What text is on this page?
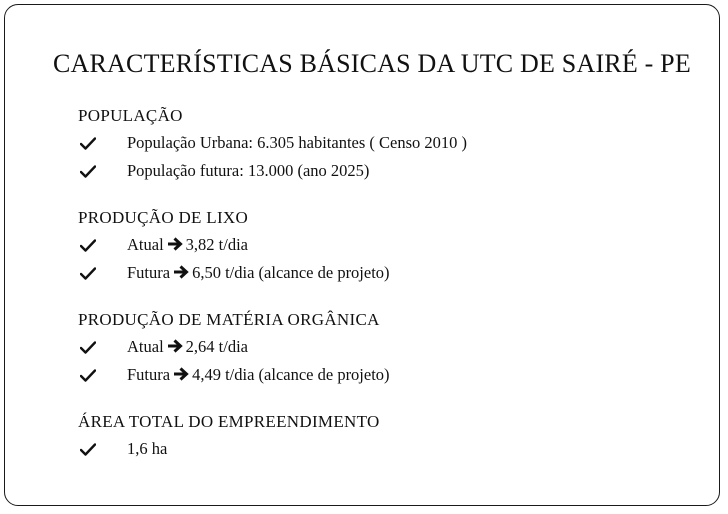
CARACTERÍSTICAS BÁSICAS DA UTC DE SAIRÉ - PE
POPULAÇÃO
População Urbana: 6.305 habitantes ( Censo 2010 )
População futura: 13.000 (ano 2025)
PRODUÇÃO DE LIXO
Atual 3,82 t/dia
Futura 6,50 t/dia (alcance de projeto)
PRODUÇÃO DE MATÉRIA ORGÂNICA
Atual 2,64 t/dia
Futura 4,49 t/dia (alcance de projeto)
ÁREA TOTAL DO EMPREENDIMENTO
1,6 ha
